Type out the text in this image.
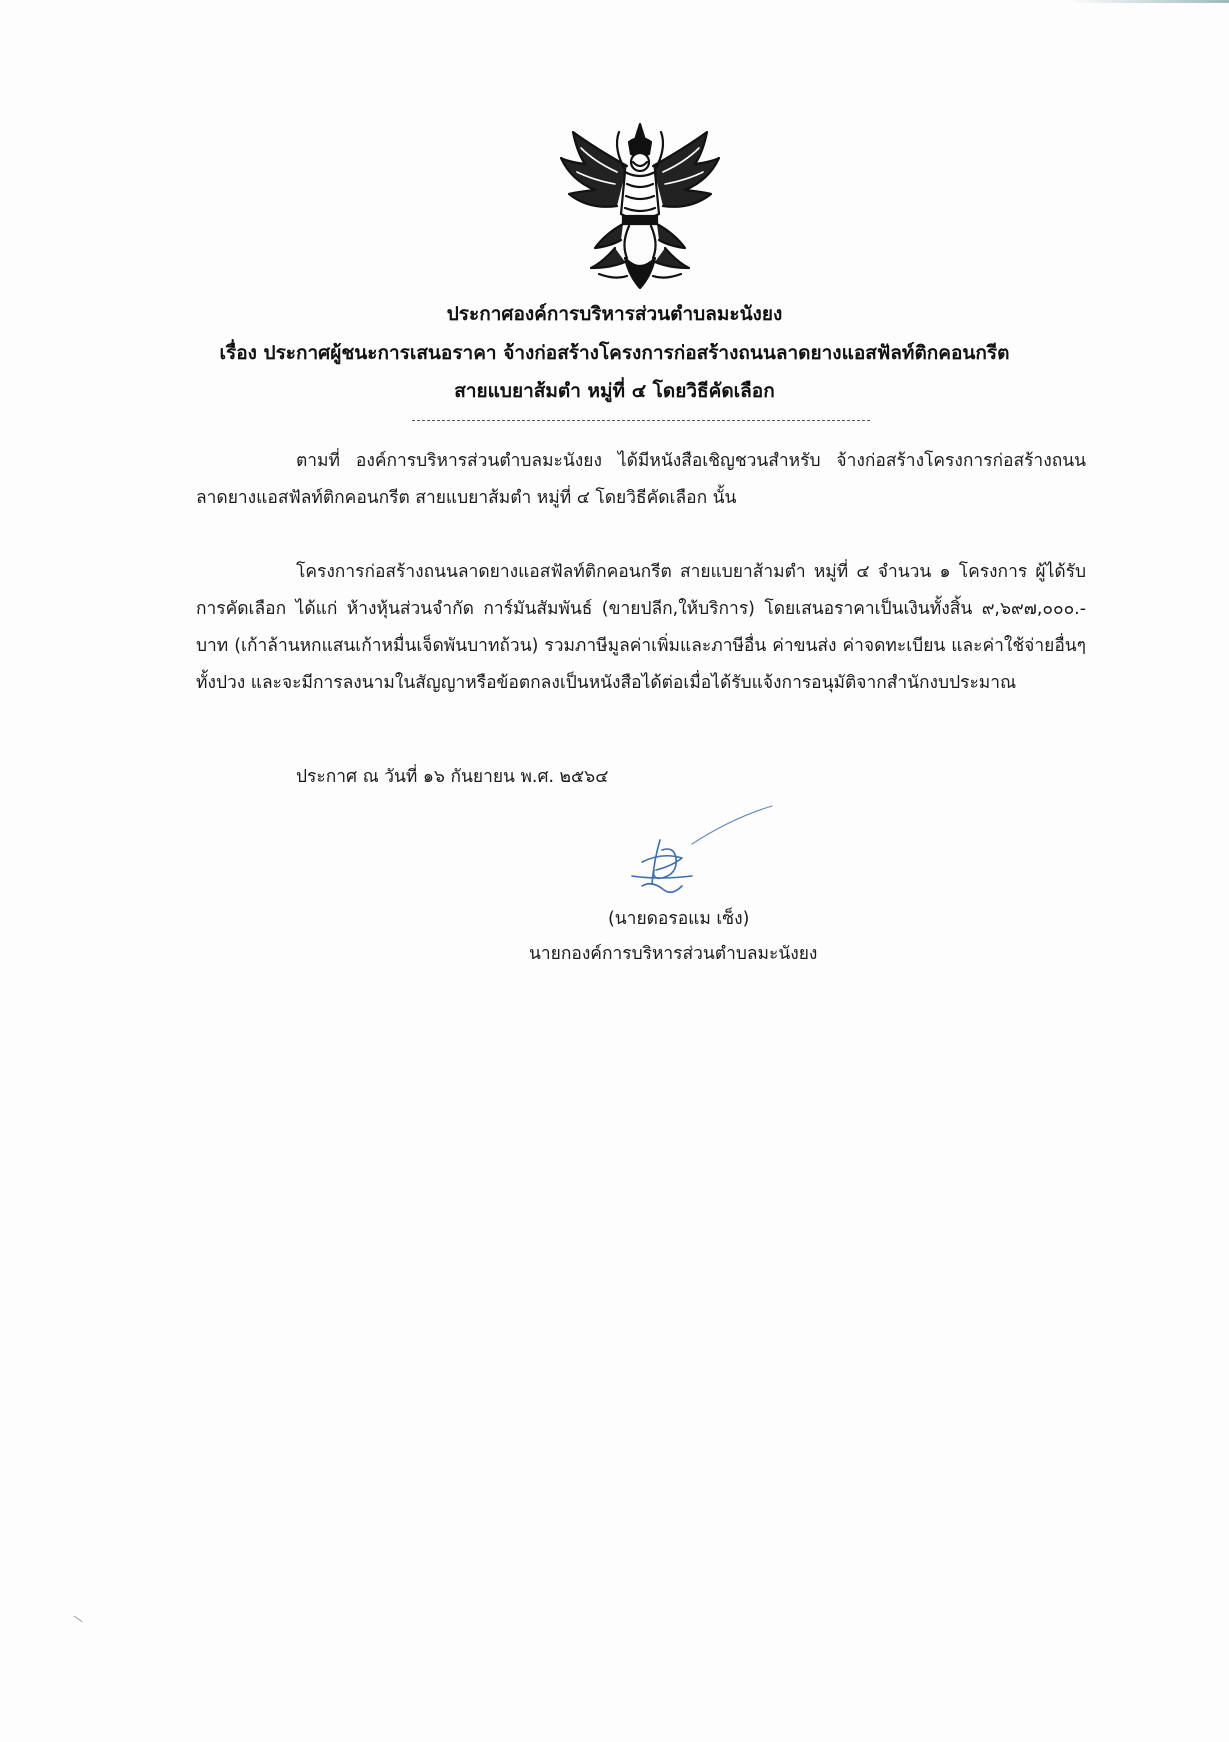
ประกาศองค์การบริหารส่วนตำบลมะนังยง
เรื่อง ประกาศผู้ชนะการเสนอราคา จ้างก่อสร้างโครงการก่อสร้างถนนลาดยางแอสฟัลท์ติกคอนกรีต
สายแบยาส้มตำ หมู่ที่ ๔ โดยวิธีคัดเลือก
ตามที่ องค์การบริหารส่วนตำบลมะนังยง ได้มีหนังสือเชิญชวนสำหรับ จ้างก่อสร้างโครงการก่อสร้างถนนลาดยางแอสฟัลท์ติกคอนกรีต สายแบยาส้มตำ หมู่ที่ ๔ โดยวิธีคัดเลือก นั้น
โครงการก่อสร้างถนนลาดยางแอสฟัลท์ติกคอนกรีต สายแบยาส้ามตำ หมู่ที่ ๔ จำนวน ๑ โครงการ ผู้ได้รับการคัดเลือก ได้แก่ ห้างหุ้นส่วนจำกัด การ์มันสัมพันธ์ (ขายปลีก,ให้บริการ) โดยเสนอราคาเป็นเงินทั้งสิ้น ๙,๖๙๗,๐๐๐.-บาท (เก้าล้านหกแสนเก้าหมื่นเจ็ดพันบาทถ้วน) รวมภาษีมูลค่าเพิ่มและภาษีอื่น ค่าขนส่ง ค่าจดทะเบียน และค่าใช้จ่ายอื่นๆ ทั้งปวง และจะมีการลงนามในสัญญาหรือข้อตกลงเป็นหนังสือได้ต่อเมื่อได้รับแจ้งการอนุมัติจากสำนักงบประมาณ
ประกาศ ณ วันที่ ๑๖ กันยายน พ.ศ. ๒๕๖๔
(นายดอรอแม เซ็ง)
นายกองค์การบริหารส่วนตำบลมะนังยง
